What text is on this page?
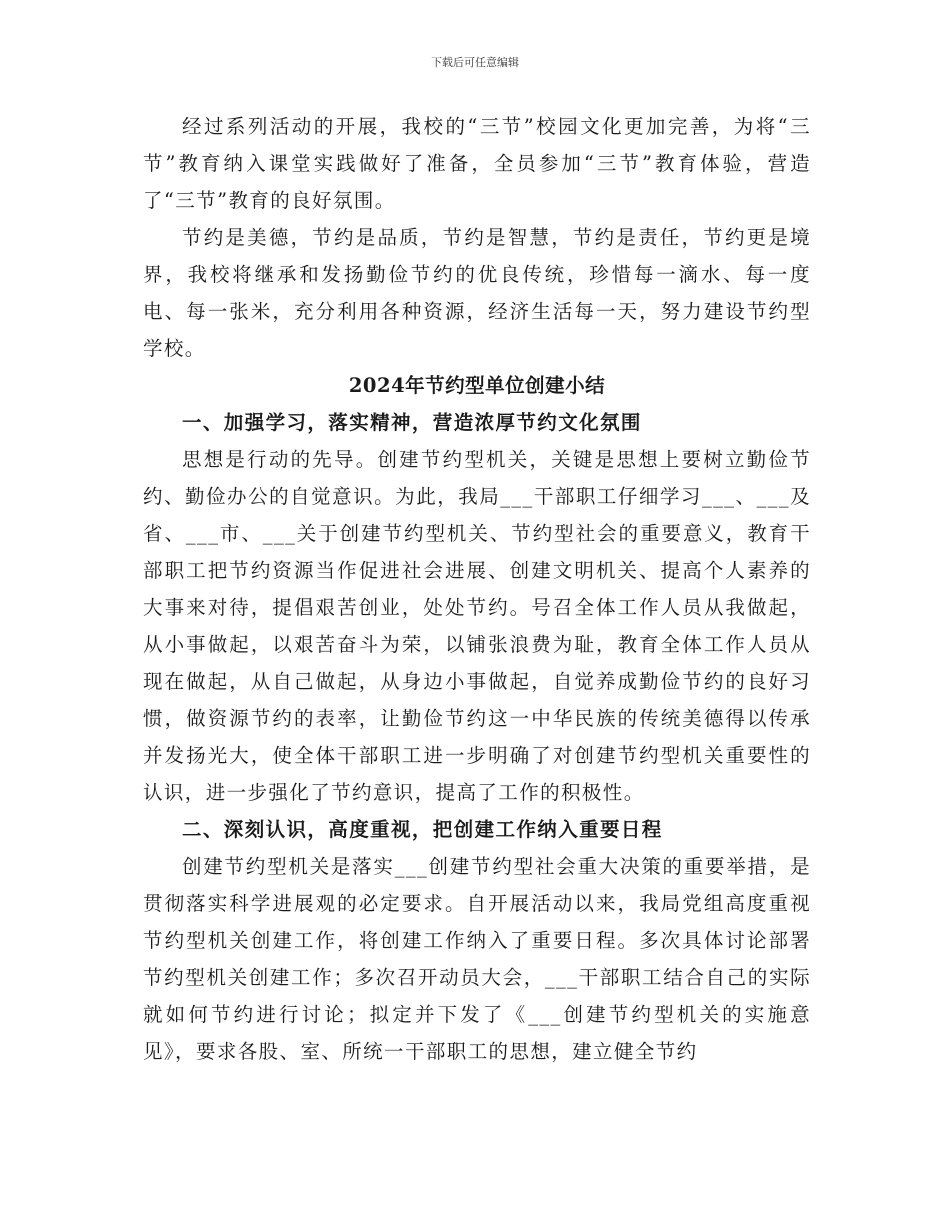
下载后可任意编辑

经过系列活动的开展，我校的“三节”校园文化更加完善，为将“三节”教育纳入课堂实践做好了准备，全员参加“三节”教育体验，营造了“三节”教育的良好氛围。

节约是美德，节约是品质，节约是智慧，节约是责任，节约更是境界，我校将继承和发扬勤俭节约的优良传统，珍惜每一滴水、每一度电、每一张米，充分利用各种资源，经济生活每一天，努力建设节约型学校。

2024年节约型单位创建小结

一、加强学习，落实精神，营造浓厚节约文化氛围

思想是行动的先导。创建节约型机关，关键是思想上要树立勤俭节约、勤俭办公的自觉意识。为此，我局___干部职工仔细学习___、___及省、___市、___关于创建节约型机关、节约型社会的重要意义，教育干部职工把节约资源当作促进社会进展、创建文明机关、提高个人素养的大事来对待，提倡艰苦创业，处处节约。号召全体工作人员从我做起，从小事做起，以艰苦奋斗为荣，以铺张浪费为耻，教育全体工作人员从现在做起，从自己做起，从身边小事做起，自觉养成勤俭节约的良好习惯，做资源节约的表率，让勤俭节约这一中华民族的传统美德得以传承并发扬光大，使全体干部职工进一步明确了对创建节约型机关重要性的认识，进一步强化了节约意识，提高了工作的积极性。

二、深刻认识，高度重视，把创建工作纳入重要日程

创建节约型机关是落实___创建节约型社会重大决策的重要举措，是贯彻落实科学进展观的必定要求。自开展活动以来，我局党组高度重视节约型机关创建工作，将创建工作纳入了重要日程。多次具体讨论部署节约型机关创建工作；多次召开动员大会，___干部职工结合自己的实际就如何节约进行讨论；拟定并下发了《___创建节约型机关的实施意见》，要求各股、室、所统一干部职工的思想，建立健全节约
